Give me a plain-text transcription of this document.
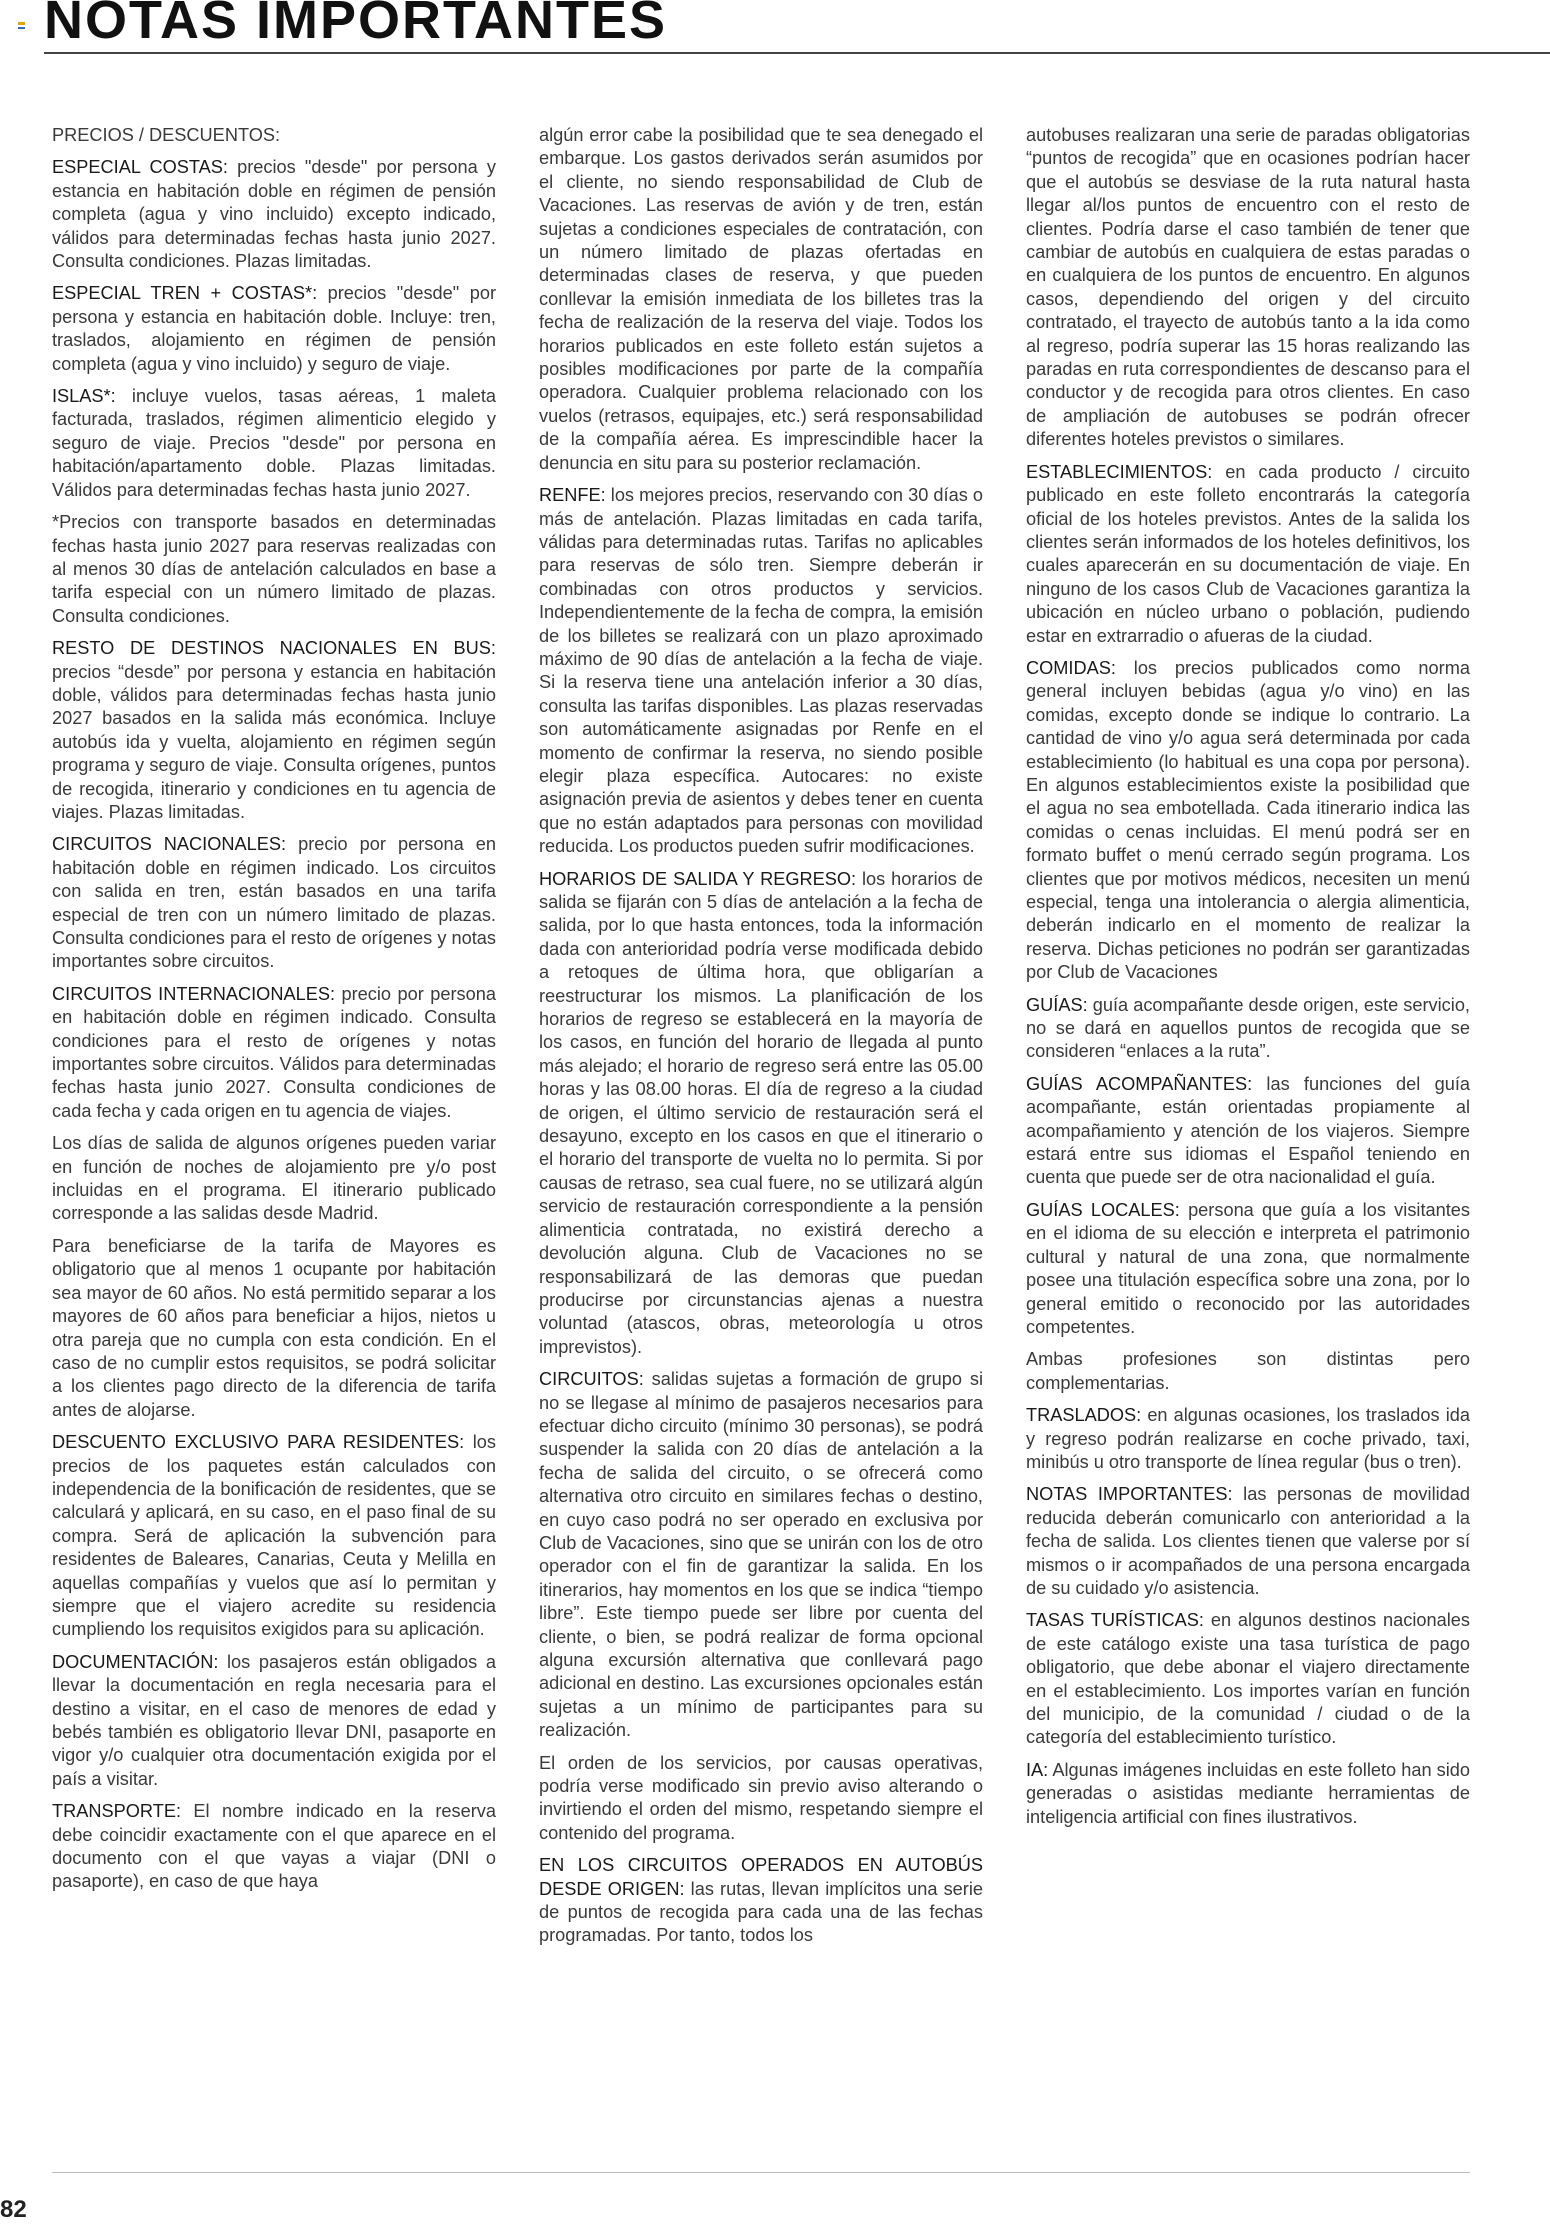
NOTAS IMPORTANTES

PRECIOS / DESCUENTOS:

ESPECIAL COSTAS: precios "desde" por persona y estancia en habitación doble en régimen de pensión completa (agua y vino incluido) excepto indicado, válidos para determinadas fechas hasta junio 2027. Consulta condiciones. Plazas limitadas.

ESPECIAL TREN + COSTAS*: precios "desde" por persona y estancia en habitación doble. Incluye: tren, traslados, alojamiento en régimen de pensión completa (agua y vino incluido) y seguro de viaje.

ISLAS*: incluye vuelos, tasas aéreas, 1 maleta facturada, traslados, régimen alimenticio elegido y seguro de viaje. Precios "desde" por persona en habitación/apartamento doble. Plazas limitadas. Válidos para determinadas fechas hasta junio 2027.

*Precios con transporte basados en determinadas fechas hasta junio 2027 para reservas realizadas con al menos 30 días de antelación calculados en base a tarifa especial con un número limitado de plazas. Consulta condiciones.

RESTO DE DESTINOS NACIONALES EN BUS: precios “desde” por persona y estancia en habitación doble, válidos para determinadas fechas hasta junio 2027 basados en la salida más económica. Incluye autobús ida y vuelta, alojamiento en régimen según programa y seguro de viaje. Consulta orígenes, puntos de recogida, itinerario y condiciones en tu agencia de viajes. Plazas limitadas.

CIRCUITOS NACIONALES: precio por persona en habitación doble en régimen indicado. Los circuitos con salida en tren, están basados en una tarifa especial de tren con un número limitado de plazas. Consulta condiciones para el resto de orígenes y notas importantes sobre circuitos.

CIRCUITOS INTERNACIONALES: precio por persona en habitación doble en régimen indicado. Consulta condiciones para el resto de orígenes y notas importantes sobre circuitos. Válidos para determinadas fechas hasta junio 2027. Consulta condiciones de cada fecha y cada origen en tu agencia de viajes.

Los días de salida de algunos orígenes pueden variar en función de noches de alojamiento pre y/o post incluidas en el programa. El itinerario publicado corresponde a las salidas desde Madrid.

Para beneficiarse de la tarifa de Mayores es obligatorio que al menos 1 ocupante por habitación sea mayor de 60 años. No está permitido separar a los mayores de 60 años para beneficiar a hijos, nietos u otra pareja que no cumpla con esta condición. En el caso de no cumplir estos requisitos, se podrá solicitar a los clientes pago directo de la diferencia de tarifa antes de alojarse.

DESCUENTO EXCLUSIVO PARA RESIDENTES: los precios de los paquetes están calculados con independencia de la bonificación de residentes, que se calculará y aplicará, en su caso, en el paso final de su compra. Será de aplicación la subvención para residentes de Baleares, Canarias, Ceuta y Melilla en aquellas compañías y vuelos que así lo permitan y siempre que el viajero acredite su residencia cumpliendo los requisitos exigidos para su aplicación.

DOCUMENTACIÓN: los pasajeros están obligados a llevar la documentación en regla necesaria para el destino a visitar, en el caso de menores de edad y bebés también es obligatorio llevar DNI, pasaporte en vigor y/o cualquier otra documentación exigida por el país a visitar.

TRANSPORTE: El nombre indicado en la reserva debe coincidir exactamente con el que aparece en el documento con el que vayas a viajar (DNI o pasaporte), en caso de que haya

algún error cabe la posibilidad que te sea denegado el embarque. Los gastos derivados serán asumidos por el cliente, no siendo responsabilidad de Club de Vacaciones. Las reservas de avión y de tren, están sujetas a condiciones especiales de contratación, con un número limitado de plazas ofertadas en determinadas clases de reserva, y que pueden conllevar la emisión inmediata de los billetes tras la fecha de realización de la reserva del viaje. Todos los horarios publicados en este folleto están sujetos a posibles modificaciones por parte de la compañía operadora. Cualquier problema relacionado con los vuelos (retrasos, equipajes, etc.) será responsabilidad de la compañía aérea. Es imprescindible hacer la denuncia en situ para su posterior reclamación.

RENFE: los mejores precios, reservando con 30 días o más de antelación. Plazas limitadas en cada tarifa, válidas para determinadas rutas. Tarifas no aplicables para reservas de sólo tren. Siempre deberán ir combinadas con otros productos y servicios. Independientemente de la fecha de compra, la emisión de los billetes se realizará con un plazo aproximado máximo de 90 días de antelación a la fecha de viaje. Si la reserva tiene una antelación inferior a 30 días, consulta las tarifas disponibles. Las plazas reservadas son automáticamente asignadas por Renfe en el momento de confirmar la reserva, no siendo posible elegir plaza específica. Autocares: no existe asignación previa de asientos y debes tener en cuenta que no están adaptados para personas con movilidad reducida. Los productos pueden sufrir modificaciones.

HORARIOS DE SALIDA Y REGRESO: los horarios de salida se fijarán con 5 días de antelación a la fecha de salida, por lo que hasta entonces, toda la información dada con anterioridad podría verse modificada debido a retoques de última hora, que obligarían a reestructurar los mismos. La planificación de los horarios de regreso se establecerá en la mayoría de los casos, en función del horario de llegada al punto más alejado; el horario de regreso será entre las 05.00 horas y las 08.00 horas. El día de regreso a la ciudad de origen, el último servicio de restauración será el desayuno, excepto en los casos en que el itinerario o el horario del transporte de vuelta no lo permita. Si por causas de retraso, sea cual fuere, no se utilizará algún servicio de restauración correspondiente a la pensión alimenticia contratada, no existirá derecho a devolución alguna. Club de Vacaciones no se responsabilizará de las demoras que puedan producirse por circunstancias ajenas a nuestra voluntad (atascos, obras, meteorología u otros imprevistos).

CIRCUITOS: salidas sujetas a formación de grupo si no se llegase al mínimo de pasajeros necesarios para efectuar dicho circuito (mínimo 30 personas), se podrá suspender la salida con 20 días de antelación a la fecha de salida del circuito, o se ofrecerá como alternativa otro circuito en similares fechas o destino, en cuyo caso podrá no ser operado en exclusiva por Club de Vacaciones, sino que se unirán con los de otro operador con el fin de garantizar la salida. En los itinerarios, hay momentos en los que se indica “tiempo libre”. Este tiempo puede ser libre por cuenta del cliente, o bien, se podrá realizar de forma opcional alguna excursión alternativa que conllevará pago adicional en destino. Las excursiones opcionales están sujetas a un mínimo de participantes para su realización.

El orden de los servicios, por causas operativas, podría verse modificado sin previo aviso alterando o invirtiendo el orden del mismo, respetando siempre el contenido del programa.

EN LOS CIRCUITOS OPERADOS EN AUTOBÚS DESDE ORIGEN: las rutas, llevan implícitos una serie de puntos de recogida para cada una de las fechas programadas. Por tanto, todos los

autobuses realizaran una serie de paradas obligatorias “puntos de recogida” que en ocasiones podrían hacer que el autobús se desviase de la ruta natural hasta llegar al/los puntos de encuentro con el resto de clientes. Podría darse el caso también de tener que cambiar de autobús en cualquiera de estas paradas o en cualquiera de los puntos de encuentro. En algunos casos, dependiendo del origen y del circuito contratado, el trayecto de autobús tanto a la ida como al regreso, podría superar las 15 horas realizando las paradas en ruta correspondientes de descanso para el conductor y de recogida para otros clientes. En caso de ampliación de autobuses se podrán ofrecer diferentes hoteles previstos o similares.

ESTABLECIMIENTOS: en cada producto / circuito publicado en este folleto encontrarás la categoría oficial de los hoteles previstos. Antes de la salida los clientes serán informados de los hoteles definitivos, los cuales aparecerán en su documentación de viaje. En ninguno de los casos Club de Vacaciones garantiza la ubicación en núcleo urbano o población, pudiendo estar en extrarradio o afueras de la ciudad.

COMIDAS: los precios publicados como norma general incluyen bebidas (agua y/o vino) en las comidas, excepto donde se indique lo contrario. La cantidad de vino y/o agua será determinada por cada establecimiento (lo habitual es una copa por persona). En algunos establecimientos existe la posibilidad que el agua no sea embotellada. Cada itinerario indica las comidas o cenas incluidas. El menú podrá ser en formato buffet o menú cerrado según programa. Los clientes que por motivos médicos, necesiten un menú especial, tenga una intolerancia o alergia alimenticia, deberán indicarlo en el momento de realizar la reserva. Dichas peticiones no podrán ser garantizadas por Club de Vacaciones

GUÍAS: guía acompañante desde origen, este servicio, no se dará en aquellos puntos de recogida que se consideren “enlaces a la ruta”.

GUÍAS ACOMPAÑANTES: las funciones del guía acompañante, están orientadas propiamente al acompañamiento y atención de los viajeros. Siempre estará entre sus idiomas el Español teniendo en cuenta que puede ser de otra nacionalidad el guía.

GUÍAS LOCALES: persona que guía a los visitantes en el idioma de su elección e interpreta el patrimonio cultural y natural de una zona, que normalmente posee una titulación específica sobre una zona, por lo general emitido o reconocido por las autoridades competentes.

Ambas profesiones son distintas pero complementarias.

TRASLADOS: en algunas ocasiones, los traslados ida y regreso podrán realizarse en coche privado, taxi, minibús u otro transporte de línea regular (bus o tren).

NOTAS IMPORTANTES: las personas de movilidad reducida deberán comunicarlo con anterioridad a la fecha de salida. Los clientes tienen que valerse por sí mismos o ir acompañados de una persona encargada de su cuidado y/o asistencia.

TASAS TURÍSTICAS: en algunos destinos nacionales de este catálogo existe una tasa turística de pago obligatorio, que debe abonar el viajero directamente en el establecimiento. Los importes varían en función del municipio, de la comunidad / ciudad o de la categoría del establecimiento turístico.

IA: Algunas imágenes incluidas en este folleto han sido generadas o asistidas mediante herramientas de inteligencia artificial con fines ilustrativos.

82
